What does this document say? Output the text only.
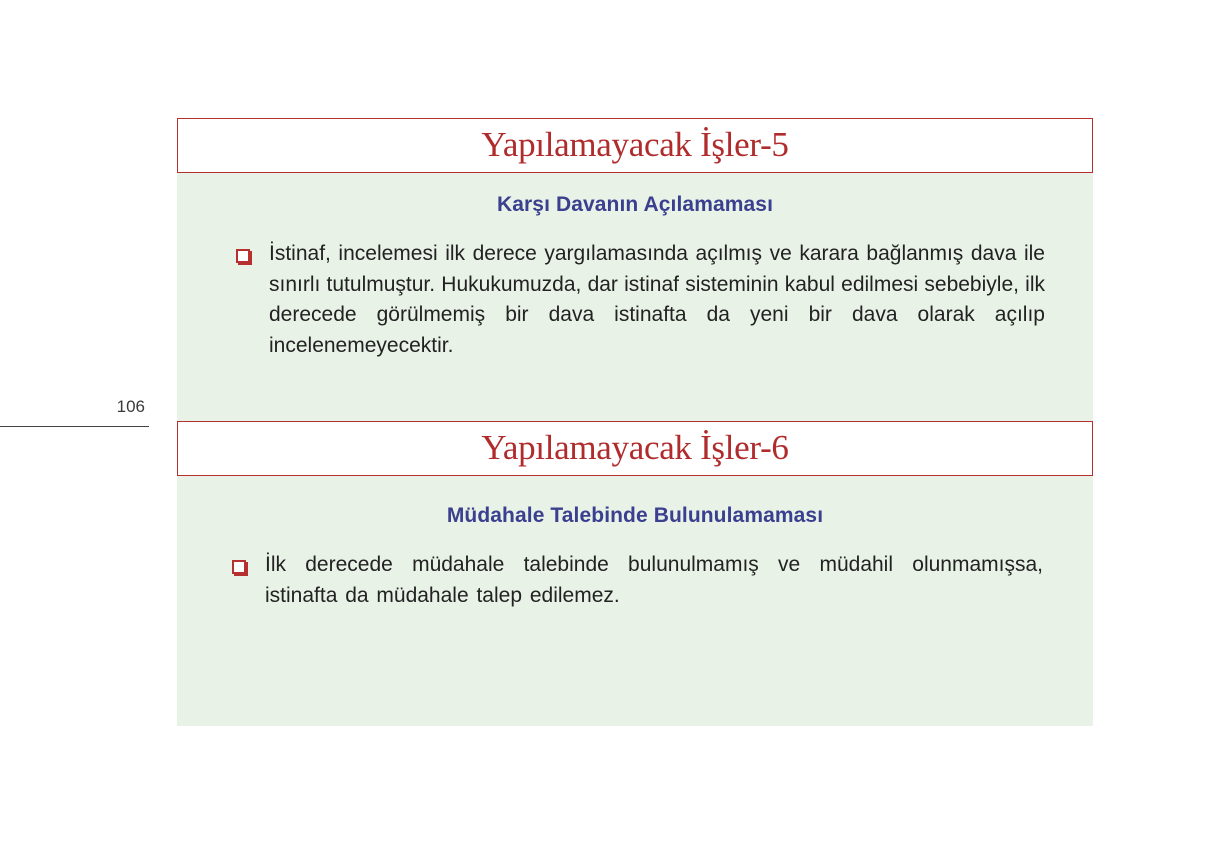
106
Yapılamayacak İşler-5
Karşı Davanın Açılamaması
İstinaf, incelemesi ilk derece yargılamasında açılmış ve karara bağlanmış dava ile sınırlı tutulmuştur. Hukukumuzda, dar istinaf sisteminin kabul edilmesi sebebiyle, ilk derecede görülmemiş bir dava istinafta da yeni bir dava olarak açılıp incelenemeyecektir.
Yapılamayacak İşler-6
Müdahale Talebinde Bulunulamaması
İlk derecede müdahale talebinde bulunulmamış ve müdahil olunmamışsa, istinafta da müdahale talep edilemez.
